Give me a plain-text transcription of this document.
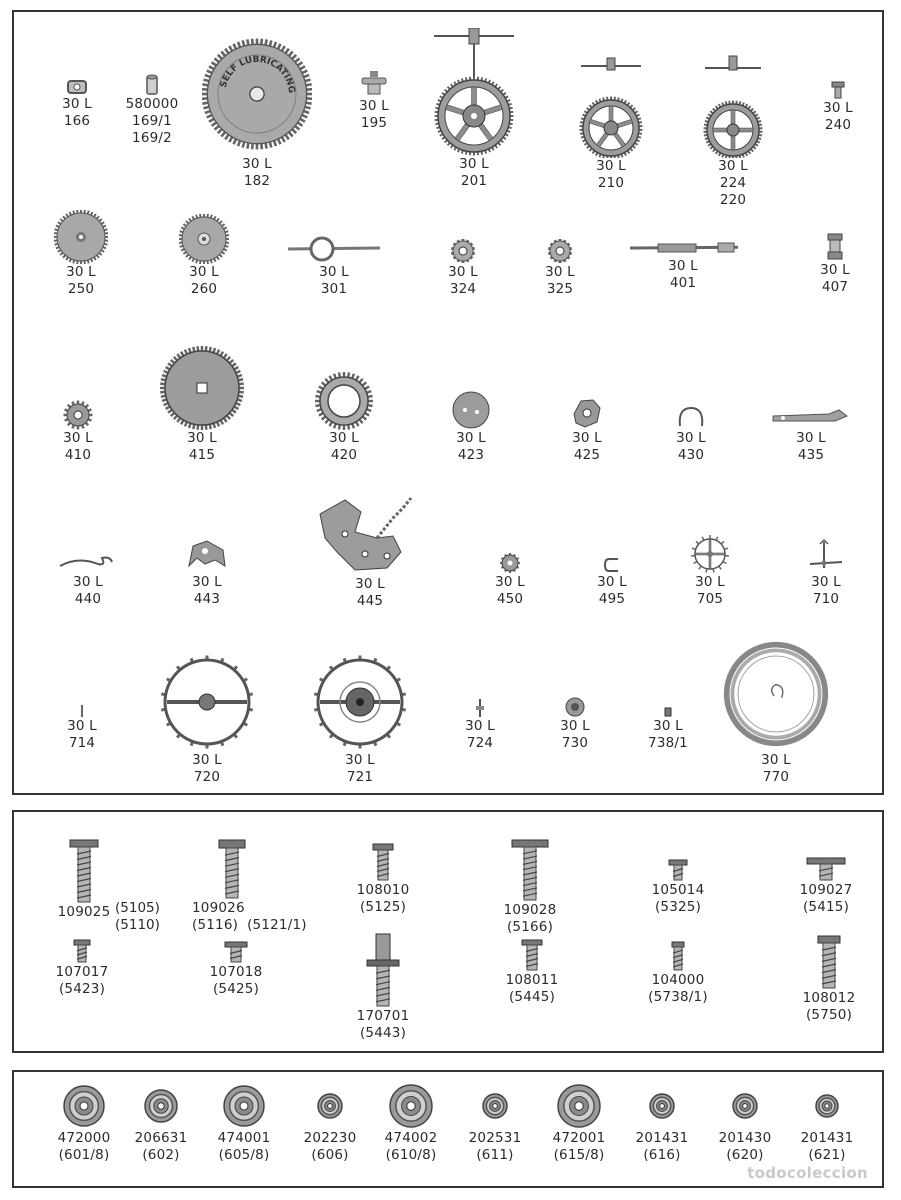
30 L
166
580000
169/1
169/2
SELF LUBRICATING
30 L
182
30 L
195
30 L
201
30 L
210
30 L
224
220
30 L
240
30 L
250
30 L
260
30 L
301
30 L
324
30 L
325
30 L
401
30 L
407
30 L
410
30 L
415
30 L
420
30 L
423
30 L
425
30 L
430
30 L
435
30 L
440
30 L
443
30 L
445
30 L
450
30 L
495
30 L
705
30 L
710
30 L
714
30 L
720
30 L
721
30 L
724
30 L
730
30 L
738/1
30 L
770
109025 (5105)
(5110)
109026
(5116)  (5121/1)
108010
(5125)	109028
(5166)
105014
(5325)
109027
(5415)
107017
(5423)
107018
(5425)
170701
(5443)
108011
(5445)
104000
(5738/1)	108012
(5750)
472000
(601/8)
206631
(602)
474001
(605/8)
202230
(606)
474002
(610/8)
202531
(611)
472001
(615/8)
201431
(616)
201430
(620)
201431
(621)
todocoleccion
